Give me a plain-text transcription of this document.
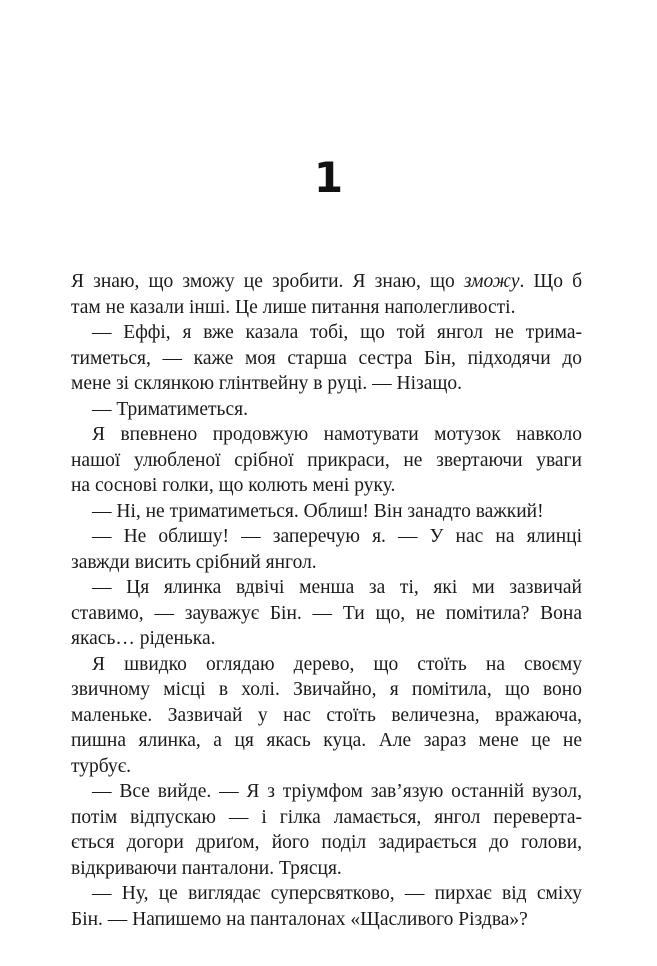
1
Я знаю, що зможу це зробити. Я знаю, що зможу. Що б
там не казали інші. Це лише питання наполегливості.
— Еффі, я вже казала тобі, що той янгол не трима-
тиметься, — каже моя старша сестра Бін, підходячи до
мене зі склянкою глінтвейну в руці. — Нізащо.
— Триматиметься.
Я впевнено продовжую намотувати мотузок навколо
нашої улюбленої срібної прикраси, не звертаючи уваги
на соснові голки, що колють мені руку.
— Ні, не триматиметься. Облиш! Він занадто важкий!
— Не облишу! — заперечую я. — У нас на ялинці
завжди висить срібний янгол.
— Ця ялинка вдвічі менша за ті, які ми зазвичай
ставимо, — зауважує Бін. — Ти що, не помітила? Вона
якась… ріденька.
Я швидко оглядаю дерево, що стоїть на своєму
звичному місці в холі. Звичайно, я помітила, що воно
маленьке. Зазвичай у нас стоїть величезна, вражаюча,
пишна ялинка, а ця якась куца. Але зараз мене це не
турбує.
— Все вийде. — Я з тріумфом зав’язую останній вузол,
потім відпускаю — і гілка ламається, янгол переверта-
ється догори дриґом, його поділ задирається до голови,
відкриваючи панталони. Трясця.
— Ну, це виглядає суперсвятково, — пирхає від сміху
Бін. — Напишемо на панталонах «Щасливого Різдва»?
